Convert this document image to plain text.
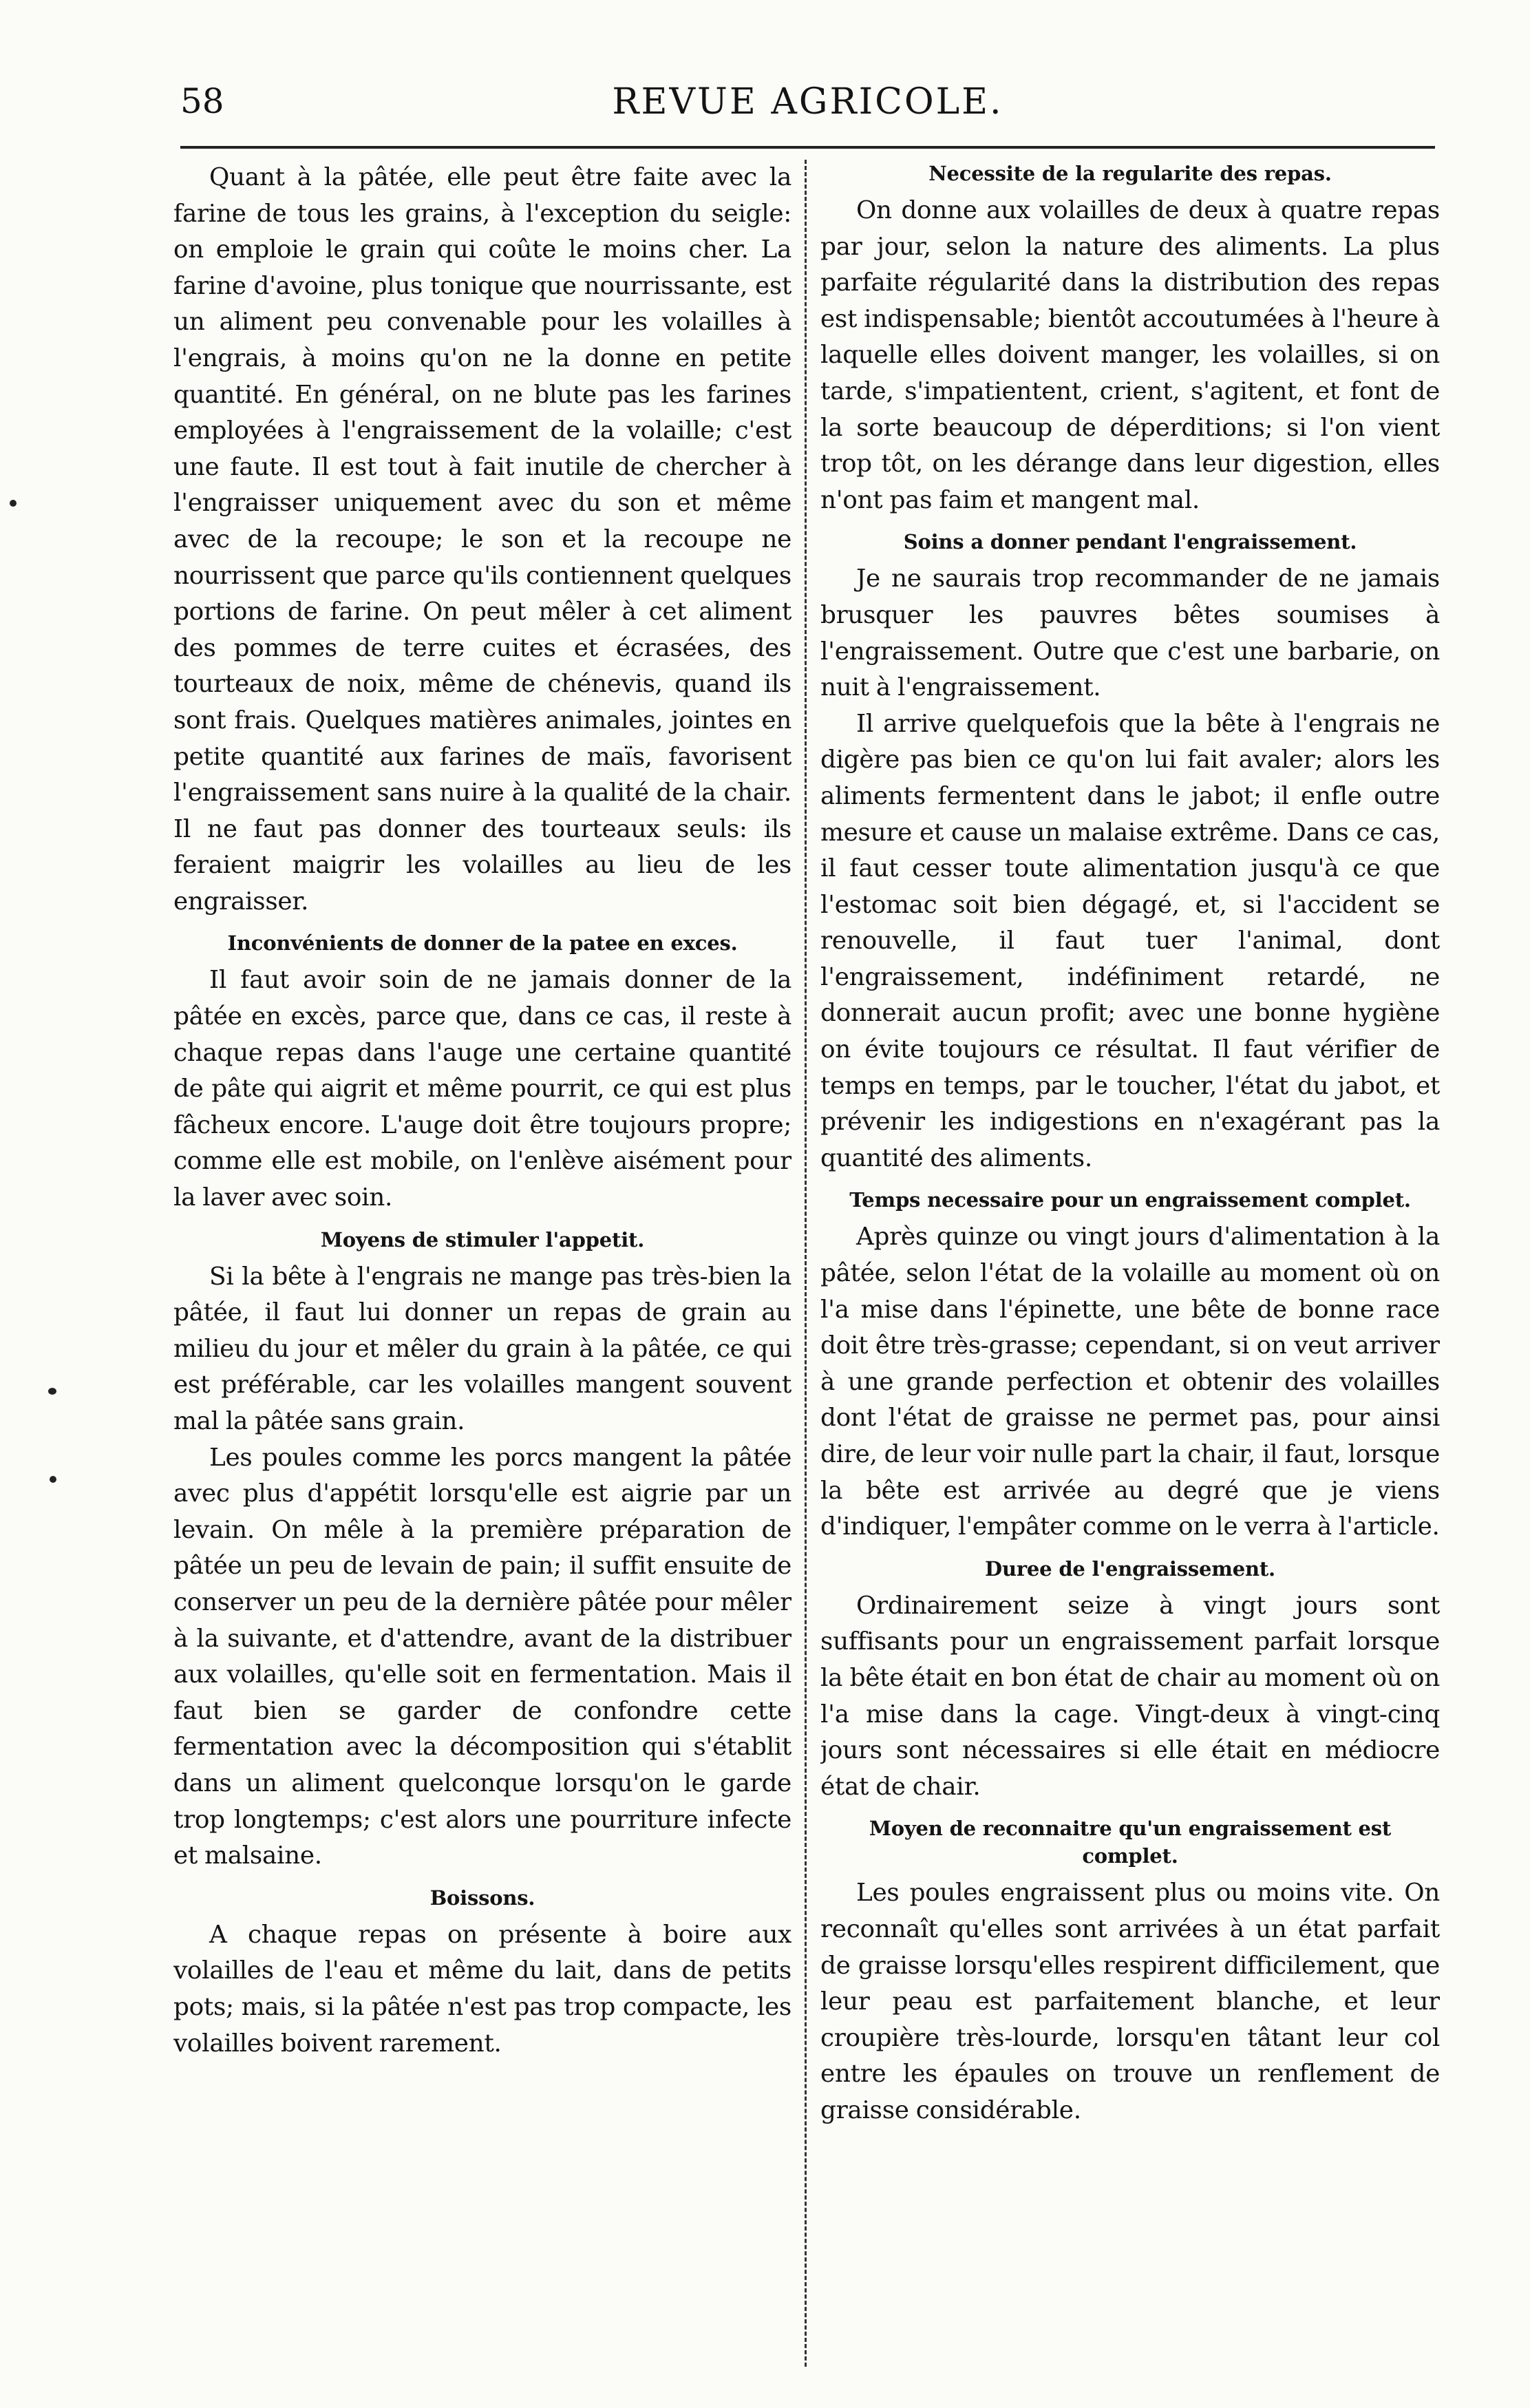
REVUE AGRICOLE.
58

Quant à la pâtée, elle peut être faite avec la farine de tous les grains, à l'exception du seigle: on emploie le grain qui coûte le moins cher. La farine d'avoine, plus tonique que nourrissante, est un aliment peu convenable pour les volailles à l'engrais, à moins qu'on ne la donne en petite quantité. En général, on ne blute pas les farines employées à l'engraissement de la volaille; c'est une faute. Il est tout à fait inutile de chercher à l'engraisser uniquement avec du son et même avec de la recoupe; le son et la recoupe ne nourrissent que parce qu'ils contiennent quelques portions de farine. On peut mêler à cet aliment des pommes de terre cuites et écrasées, des tourteaux de noix, même de chénevis, quand ils sont frais. Quelques matières animales, jointes en petite quantité aux farines de maïs, favorisent l'engraissement sans nuire à la qualité de la chair. Il ne faut pas donner des tourteaux seuls: ils feraient maigrir les volailles au lieu de les engraisser.

Inconvénients de donner de la patee en exces.

Il faut avoir soin de ne jamais donner de la pâtée en excès, parce que, dans ce cas, il reste à chaque repas dans l'auge une certaine quantité de pâte qui aigrit et même pourrit, ce qui est plus fâcheux encore. L'auge doit être toujours propre; comme elle est mobile, on l'enlève aisément pour la laver avec soin.

Moyens de stimuler l'appetit.

Si la bête à l'engrais ne mange pas très-bien la pâtée, il faut lui donner un repas de grain au milieu du jour et mêler du grain à la pâtée, ce qui est préférable, car les volailles mangent souvent mal la pâtée sans grain.

Les poules comme les porcs mangent la pâtée avec plus d'appétit lorsqu'elle est aigrie par un levain. On mêle à la première préparation de pâtée un peu de levain de pain; il suffit ensuite de conserver un peu de la dernière pâtée pour mêler à la suivante, et d'attendre, avant de la distribuer aux volailles, qu'elle soit en fermentation. Mais il faut bien se garder de confondre cette fermentation avec la décomposition qui s'établit dans un aliment quelconque lorsqu'on le garde trop longtemps; c'est alors une pourriture infecte et malsaine.

Boissons.

A chaque repas on présente à boire aux volailles de l'eau et même du lait, dans de petits pots; mais, si la pâtée n'est pas trop compacte, les volailles boivent rarement.

Necessite de la regularite des repas.

On donne aux volailles de deux à quatre repas par jour, selon la nature des aliments. La plus parfaite régularité dans la distribution des repas est indispensable; bientôt accoutumées à l'heure à laquelle elles doivent manger, les volailles, si on tarde, s'impatientent, crient, s'agitent, et font de la sorte beaucoup de déperditions; si l'on vient trop tôt, on les dérange dans leur digestion, elles n'ont pas faim et mangent mal.

Soins a donner pendant l'engraissement.

Je ne saurais trop recommander de ne jamais brusquer les pauvres bêtes soumises à l'engraissement. Outre que c'est une barbarie, on nuit à l'engraissement.

Il arrive quelquefois que la bête à l'engrais ne digère pas bien ce qu'on lui fait avaler; alors les aliments fermentent dans le jabot; il enfle outre mesure et cause un malaise extrême. Dans ce cas, il faut cesser toute alimentation jusqu'à ce que l'estomac soit bien dégagé, et, si l'accident se renouvelle, il faut tuer l'animal, dont l'engraissement, indéfiniment retardé, ne donnerait aucun profit; avec une bonne hygiène on évite toujours ce résultat. Il faut vérifier de temps en temps, par le toucher, l'état du jabot, et prévenir les indigestions en n'exagérant pas la quantité des aliments.

Temps necessaire pour un engraissement complet.

Après quinze ou vingt jours d'alimentation à la pâtée, selon l'état de la volaille au moment où on l'a mise dans l'épinette, une bête de bonne race doit être très-grasse; cependant, si on veut arriver à une grande perfection et obtenir des volailles dont l'état de graisse ne permet pas, pour ainsi dire, de leur voir nulle part la chair, il faut, lorsque la bête est arrivée au degré que je viens d'indiquer, l'empâter comme on le verra à l'article.

Duree de l'engraissement.

Ordinairement seize à vingt jours sont suffisants pour un engraissement parfait lorsque la bête était en bon état de chair au moment où on l'a mise dans la cage. Vingt-deux à vingt-cinq jours sont nécessaires si elle était en médiocre état de chair.

Moyen de reconnaitre qu'un engraissement est complet.

Les poules engraissent plus ou moins vite. On reconnaît qu'elles sont arrivées à un état parfait de graisse lorsqu'elles respirent difficilement, que leur peau est parfaitement blanche, et leur croupière très-lourde, lorsqu'en tâtant leur col entre les épaules on trouve un renflement de graisse considérable.
